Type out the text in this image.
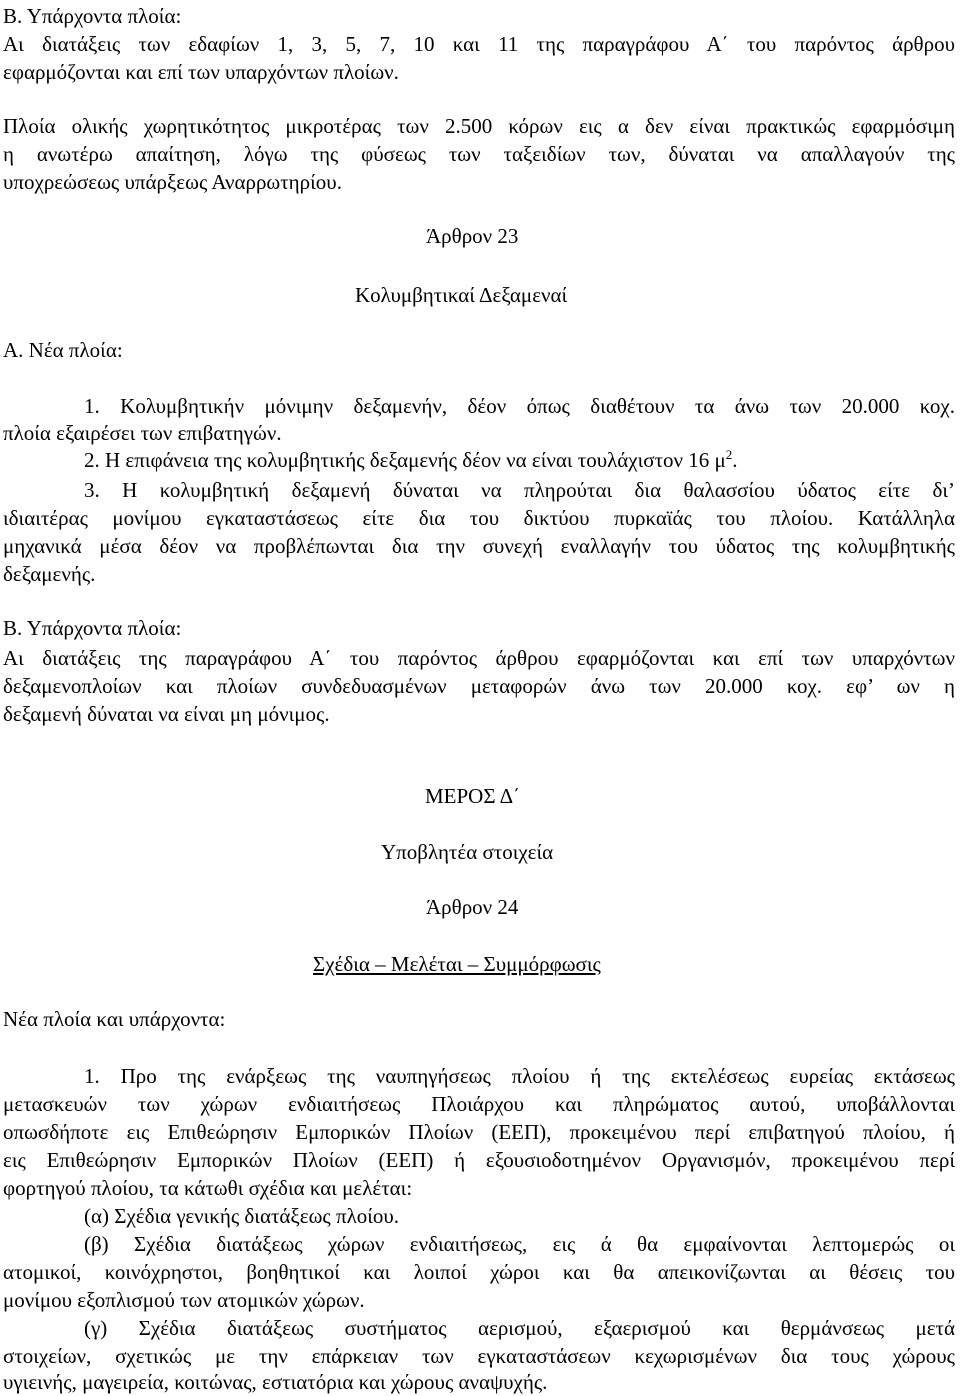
Β. Υπάρχοντα πλοία:
Αι διατάξεις των εδαφίων 1, 3, 5, 7, 10 και 11 της παραγράφου Α΄ του παρόντος άρθρου
εφαρμόζονται και επί των υπαρχόντων πλοίων.
Πλοία ολικής χωρητικότητος μικροτέρας των 2.500 κόρων εις α δεν είναι πρακτικώς εφαρμόσιμη
η ανωτέρω απαίτηση, λόγω της φύσεως των ταξειδίων των, δύναται να απαλλαγούν της
υποχρεώσεως υπάρξεως Αναρρωτηρίου.
Άρθρον 23
Κολυμβητικαί Δεξαμεναί
Α. Νέα πλοία:
1. Κολυμβητικήν μόνιμην δεξαμενήν, δέον όπως διαθέτουν τα άνω των 20.000 κοχ.
πλοία εξαιρέσει των επιβατηγών.
2. Η επιφάνεια της κολυμβητικής δεξαμενής δέον να είναι τουλάχιστον 16 $\mu^2$.
3. Η κολυμβητική δεξαμενή δύναται να πληρούται δια θαλασσίου ύδατος είτε δι’
ιδιαιτέρας μονίμου εγκαταστάσεως είτε δια του δικτύου πυρκαϊάς του πλοίου. Κατάλληλα
μηχανικά μέσα δέον να προβλέπωνται δια την συνεχή εναλλαγήν του ύδατος της κολυμβητικής
δεξαμενής.
Β. Υπάρχοντα πλοία:
Αι διατάξεις της παραγράφου Α΄ του παρόντος άρθρου εφαρμόζονται και επί των υπαρχόντων
δεξαμενοπλοίων και πλοίων συνδεδυασμένων μεταφορών άνω των 20.000 κοχ. εφ’ ων η
δεξαμενή δύναται να είναι μη μόνιμος.
ΜΕΡΟΣ Δ΄
Υποβλητέα στοιχεία
Άρθρον 24
Σχέδια – Μελέται – Συμμόρφωσις
Νέα πλοία και υπάρχοντα:
1. Προ της ενάρξεως της ναυπηγήσεως πλοίου ή της εκτελέσεως ευρείας εκτάσεως
μετασκευών των χώρων ενδιαιτήσεως Πλοιάρχου και πληρώματος αυτού, υποβάλλονται
οπωσδήποτε εις Επιθεώρησιν Εμπορικών Πλοίων (ΕΕΠ), προκειμένου περί επιβατηγού πλοίου, ή
εις Επιθεώρησιν Εμπορικών Πλοίων (ΕΕΠ) ή εξουσιοδοτημένον Οργανισμόν, προκειμένου περί
φορτηγού πλοίου, τα κάτωθι σχέδια και μελέται:
(α) Σχέδια γενικής διατάξεως πλοίου.
(β) Σχέδια διατάξεως χώρων ενδιαιτήσεως, εις ά θα εμφαίνονται λεπτομερώς οι
ατομικοί, κοινόχρηστοι, βοηθητικοί και λοιποί χώροι και θα απεικονίζωνται αι θέσεις του
μονίμου εξοπλισμού των ατομικών χώρων.
(γ) Σχέδια διατάξεως συστήματος αερισμού, εξαερισμού και θερμάνσεως μετά
στοιχείων, σχετικώς με την επάρκειαν των εγκαταστάσεων κεχωρισμένων δια τους χώρους
υγιεινής, μαγειρεία, κοιτώνας, εστιατόρια και χώρους αναψυχής.
